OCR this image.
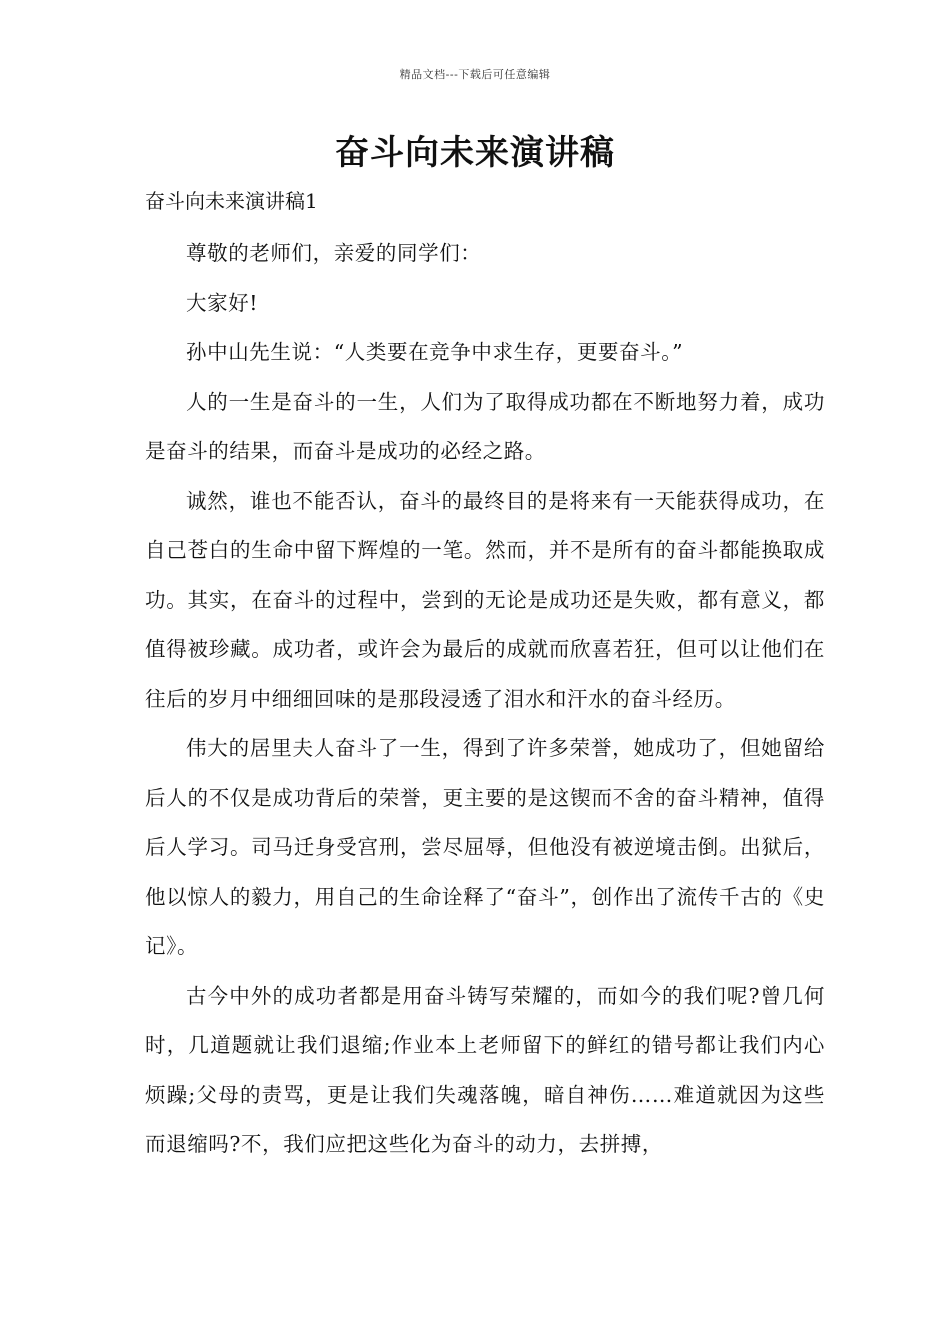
精品文档---下载后可任意编辑
奋斗向未来演讲稿
奋斗向未来演讲稿1

尊敬的老师们，亲爱的同学们：

大家好!

孙中山先生说：“人类要在竞争中求生存，更要奋斗。”

人的一生是奋斗的一生，人们为了取得成功都在不断地努力着，成功是奋斗的结果，而奋斗是成功的必经之路。

诚然，谁也不能否认，奋斗的最终目的是将来有一天能获得成功，在自己苍白的生命中留下辉煌的一笔。然而，并不是所有的奋斗都能换取成功。其实，在奋斗的过程中，尝到的无论是成功还是失败，都有意义，都值得被珍藏。成功者，或许会为最后的成就而欣喜若狂，但可以让他们在往后的岁月中细细回味的是那段浸透了泪水和汗水的奋斗经历。

伟大的居里夫人奋斗了一生，得到了许多荣誉，她成功了，但她留给后人的不仅是成功背后的荣誉，更主要的是这锲而不舍的奋斗精神，值得后人学习。司马迁身受宫刑，尝尽屈辱，但他没有被逆境击倒。出狱后，他以惊人的毅力，用自己的生命诠释了“奋斗”，创作出了流传千古的《史记》。

古今中外的成功者都是用奋斗铸写荣耀的，而如今的我们呢?曾几何时，几道题就让我们退缩;作业本上老师留下的鲜红的错号都让我们内心烦躁;父母的责骂，更是让我们失魂落魄，暗自神伤……难道就因为这些而退缩吗?不，我们应把这些化为奋斗的动力，去拼搏，
